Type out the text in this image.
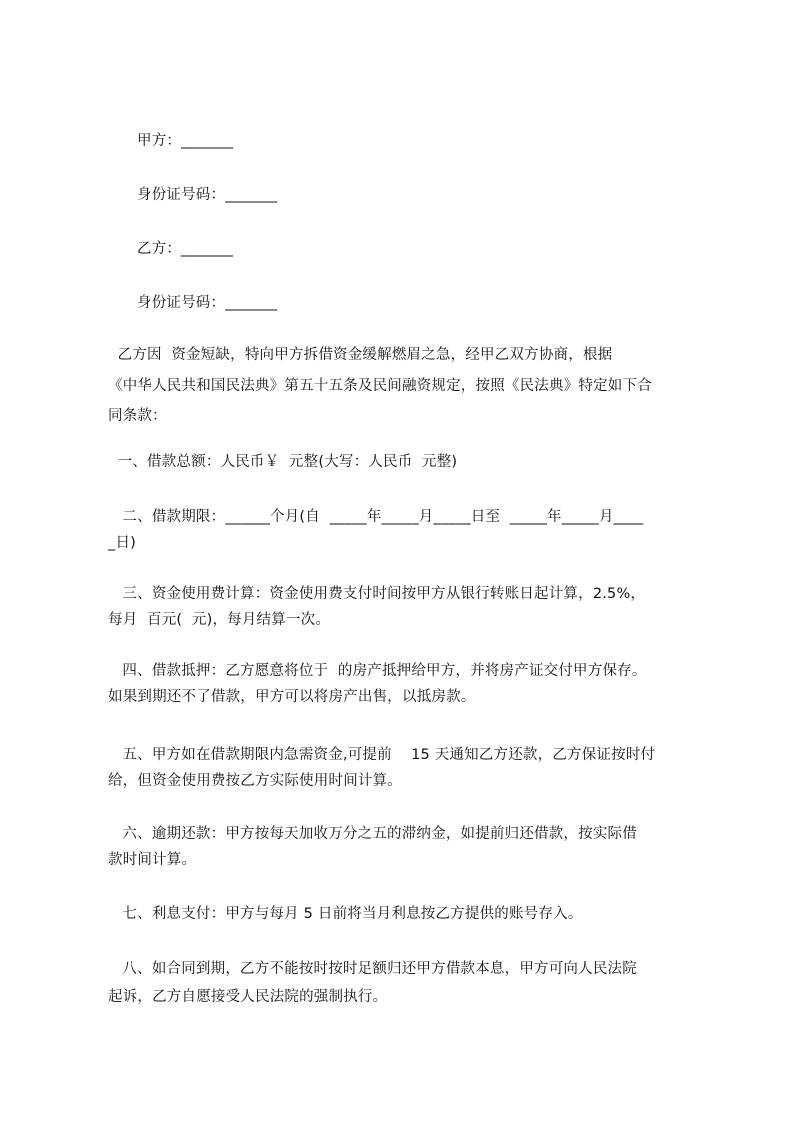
甲方：_______
身份证号码：_______
乙方：_______
身份证号码：_______
乙方因  资金短缺，特向甲方拆借资金缓解燃眉之急，经甲乙双方协商，根据
《中华人民共和国民法典》第五十五条及民间融资规定，按照《民法典》特定如下合
同条款：
一、借款总额：人民币￥  元整(大写：人民币  元整)
二、借款期限：______个月(自  _____年_____月_____日至  _____年_____月____
_日)
三、资金使用费计算：资金使用费支付时间按甲方从银行转账日起计算，2.5%，
每月  百元(  元)，每月结算一次。
四、借款抵押：乙方愿意将位于  的房产抵押给甲方，并将房产证交付甲方保存。
如果到期还不了借款，甲方可以将房产出售，以抵房款。
五、甲方如在借款期限内急需资金,可提前    15 天通知乙方还款，乙方保证按时付
给，但资金使用费按乙方实际使用时间计算。
六、逾期还款：甲方按每天加收万分之五的滞纳金，如提前归还借款，按实际借
款时间计算。
七、利息支付：甲方与每月 5 日前将当月利息按乙方提供的账号存入。
八、如合同到期，乙方不能按时按时足额归还甲方借款本息，甲方可向人民法院
起诉，乙方自愿接受人民法院的强制执行。
